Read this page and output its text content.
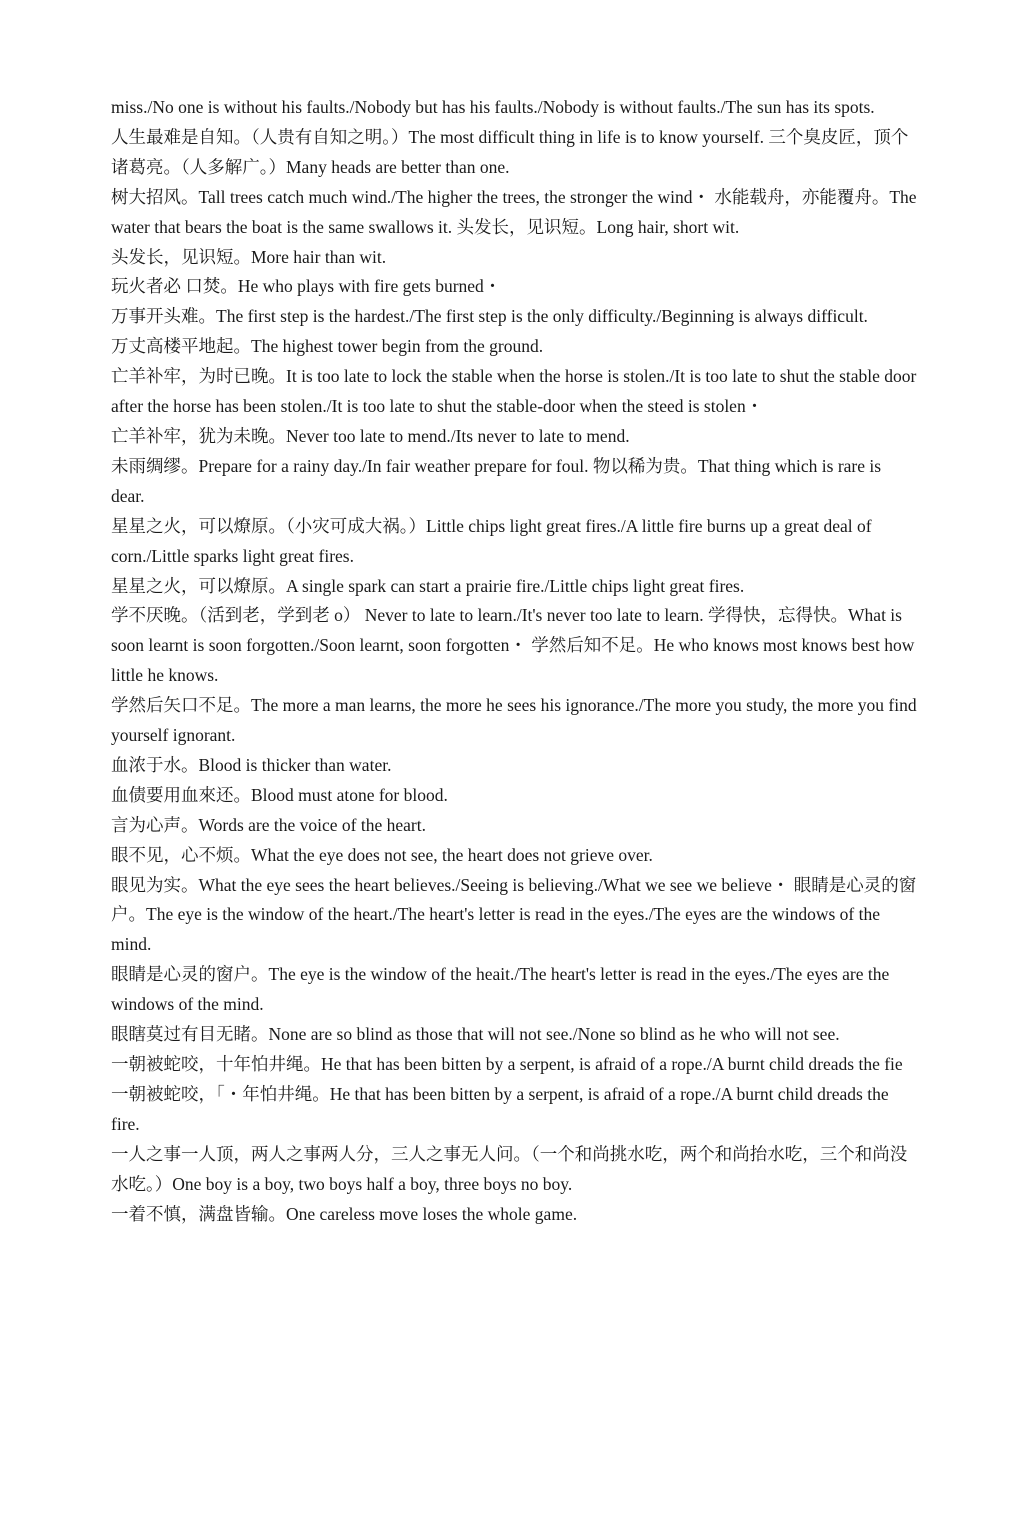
miss./No one is without his faults./Nobody but has his faults./Nobody is without faults./The sun has its spots.

人生最难是自知。（人贵有自知之明。）The most difficult thing in life is to know yourself. 三个臭皮匠，顶个诸葛亮。（人多解广。）Many heads are better than one.

树大招风。Tall trees catch much wind./The higher the trees, the stronger the wind・ 水能载舟，亦能覆舟。The water that bears the boat is the same swallows it. 头发长，见识短。Long hair, short wit.

头发长，见识短。More hair than wit.

玩火者必 口焚。He who plays with fire gets burned・

万事开头难。The first step is the hardest./The first step is the only difficulty./Beginning is always difficult.

万丈高楼平地起。The highest tower begin from the ground.

亡羊补牢，为时已晚。It is too late to lock the stable when the horse is stolen./It is too late to shut the stable door after the horse has been stolen./It is too late to shut the stable-door when the steed is stolen・

亡羊补牢，犹为未晚。Never too late to mend./Its never to late to mend.

未雨绸缪。Prepare for a rainy day./In fair weather prepare for foul. 物以稀为贵。That thing which is rare is dear.

星星之火，可以燎原。（小灾可成大祸。）Little chips light great fires./A little fire burns up a great deal of corn./Little sparks light great fires.

星星之火，可以燎原。A single spark can start a prairie fire./Little chips light great fires.

学不厌晚。（活到老，学到老 o） Never to late to learn./It's never too late to learn. 学得快，忘得快。What is soon learnt is soon forgotten./Soon learnt, soon forgotten・ 学然后知不足。He who knows most knows best how little he knows.

学然后矢口不足。The more a man learns, the more he sees his ignorance./The more you study, the more you find yourself ignorant.

血浓于水。Blood is thicker than water.

血债要用血來还。Blood must atone for blood.

言为心声。Words are the voice of the heart.

眼不见，心不烦。What the eye does not see, the heart does not grieve over.

眼见为实。What the eye sees the heart believes./Seeing is believing./What we see we believe・ 眼睛是心灵的窗户。The eye is the window of the heart./The heart's letter is read in the eyes./The eyes are the windows of the mind.

眼睛是心灵的窗户。The eye is the window of the heait./The heart's letter is read in the eyes./The eyes are the windows of the mind.

眼瞎莫过有目无睹。None are so blind as those that will not see./None so blind as he who will not see.

一朝被蛇咬，十年怕井绳。He that has been bitten by a serpent, is afraid of a rope./A burnt child dreads the fie

一朝被蛇咬，「・年怕井绳。He that has been bitten by a serpent, is afraid of a rope./A burnt child dreads the fire.

一人之事一人顶，两人之事两人分，三人之事无人问。（一个和尚挑水吃，两个和尚抬水吃，三个和尚没水吃。）One boy is a boy, two boys half a boy, three boys no boy.

一着不慎，满盘皆输。One careless move loses the whole game.
